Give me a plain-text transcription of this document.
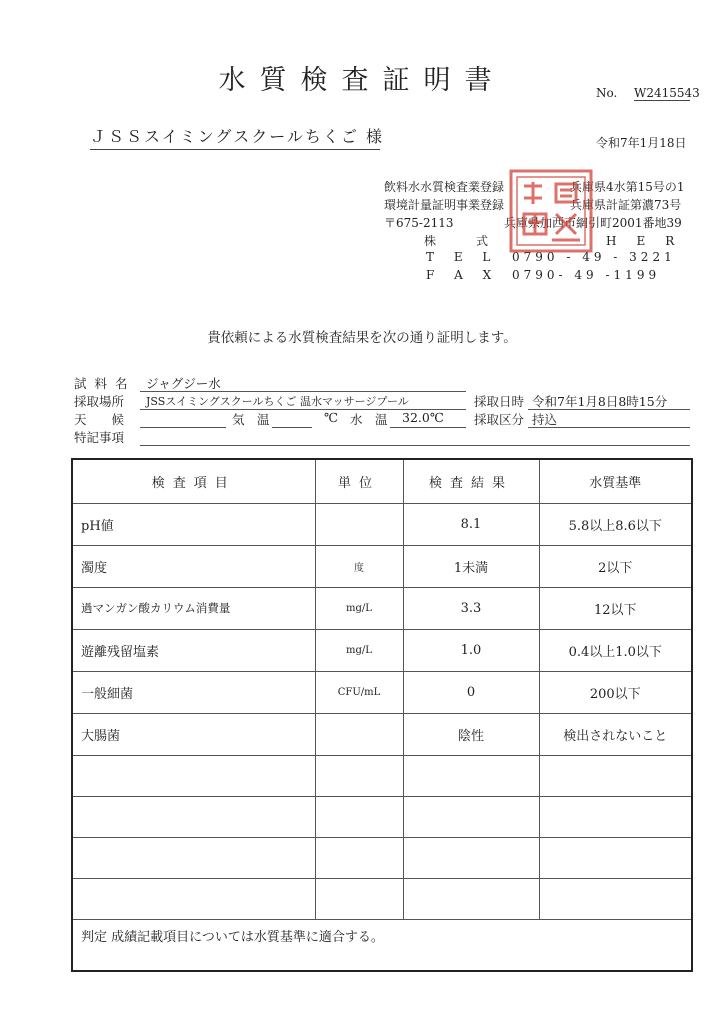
水質検査証明書	No. W2415543
ＪＳＳスイミングスクールちくご 様	令和7年1月18日
飲料水水質検査業登録	兵庫県4水第15号の1
環境計量証明事業登録	兵庫県計証第濃73号
〒675-2113	兵庫県加西市網引町2001番地39
株　式	H　E　R
T E L 0790 - 49 - 3221
F A X 0790- 49 -1199
貴依頼による水質検査結果を次の通り証明します。
試 料 名 ジャグジー水
採取場所 JSSスイミングスクールちくご 温水マッサージプール	採取日時 令和7年1月8日8時15分
天　　候	気　温	℃ 水　温 32.0℃ 採取区分 持込
特記事項
検査項目	単位	検査結果	水質基準
pH値		8.1	5.8以上8.6以下
濁度	度	1未満	2以下
過マンガン酸カリウム消費量	mg/L	3.3	12以下
遊離残留塩素	mg/L	1.0	0.4以上1.0以下
一般細菌	CFU/mL	0	200以下
大腸菌		陰性	検出されないこと

判定 成績記載項目については水質基準に適合する。			
